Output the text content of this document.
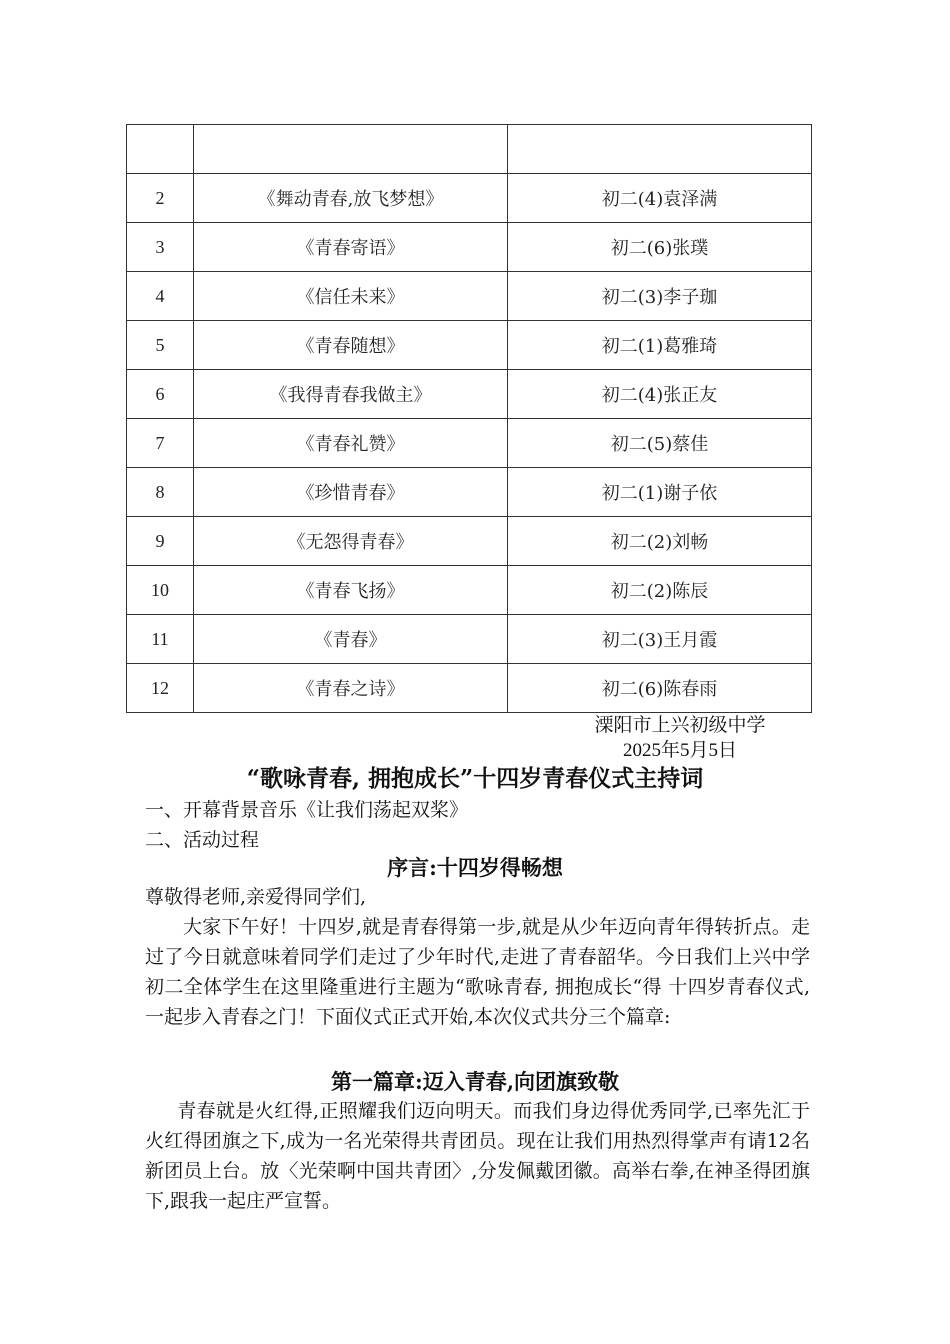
2	《舞动青春,放飞梦想》	初二(4)袁泽满
3	《青春寄语》	初二(6)张璞
4	《信任未来》	初二(3)李子珈
5	《青春随想》	初二(1)葛雅琦
6	《我得青春我做主》	初二(4)张正友
7	《青春礼赞》	初二(5)蔡佳
8	《珍惜青春》	初二(1)谢子依
9	《无怨得青春》	初二(2)刘畅
10	《青春飞扬》	初二(2)陈辰
11	《青春》	初二(3)王月霞
12	《青春之诗》	初二(6)陈春雨
溧阳市上兴初级中学
2025年5月5日
“歌咏青春, 拥抱成长”十四岁青春仪式主持词
一、开幕背景音乐《让我们荡起双桨》
二、活动过程
序言:十四岁得畅想

尊敬得老师,亲爱得同学们,

大家下午好！十四岁,就是青春得第一步,就是从少年迈向青年得转折点。走过了今日就意味着同学们走过了少年时代,走进了青春韶华。今日我们上兴中学初二全体学生在这里隆重进行主题为“歌咏青春, 拥抱成长“得 十四岁青春仪式,一起步入青春之门！下面仪式正式开始,本次仪式共分三个篇章:

第一篇章:迈入青春,向团旗致敬

青春就是火红得,正照耀我们迈向明天。而我们身边得优秀同学,已率先汇于火红得团旗之下,成为一名光荣得共青团员。现在让我们用热烈得掌声有请12名新团员上台。放〈光荣啊中国共青团〉,分发佩戴团徽。高举右拳,在神圣得团旗下,跟我一起庄严宣誓。
